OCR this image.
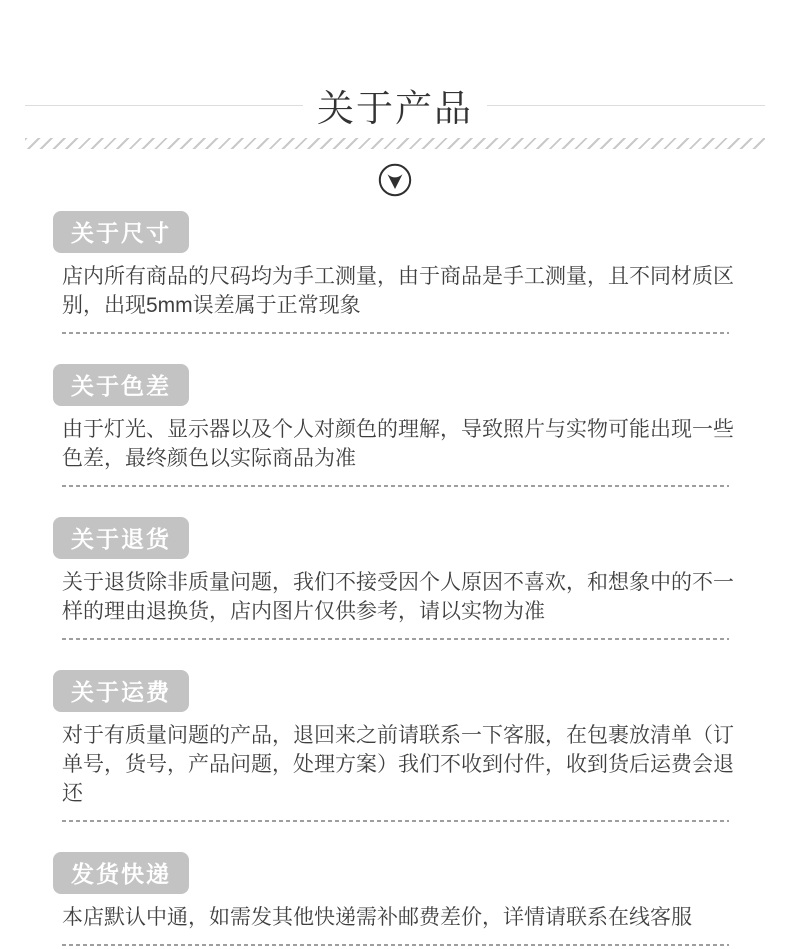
关于产品
关于尺寸

店内所有商品的尺码均为手工测量，由于商品是手工测量，且不同材质区别，出现5mm误差属于正常现象

关于色差

由于灯光、显示器以及个人对颜色的理解，导致照片与实物可能出现一些色差，最终颜色以实际商品为准

关于退货

关于退货除非质量问题，我们不接受因个人原因不喜欢，和想象中的不一样的理由退换货，店内图片仅供参考，请以实物为准

关于运费

对于有质量问题的产品，退回来之前请联系一下客服，在包裹放清单（订单号，货号，产品问题，处理方案）我们不收到付件，收到货后运费会退还

发货快递

本店默认中通，如需发其他快递需补邮费差价，详情请联系在线客服
